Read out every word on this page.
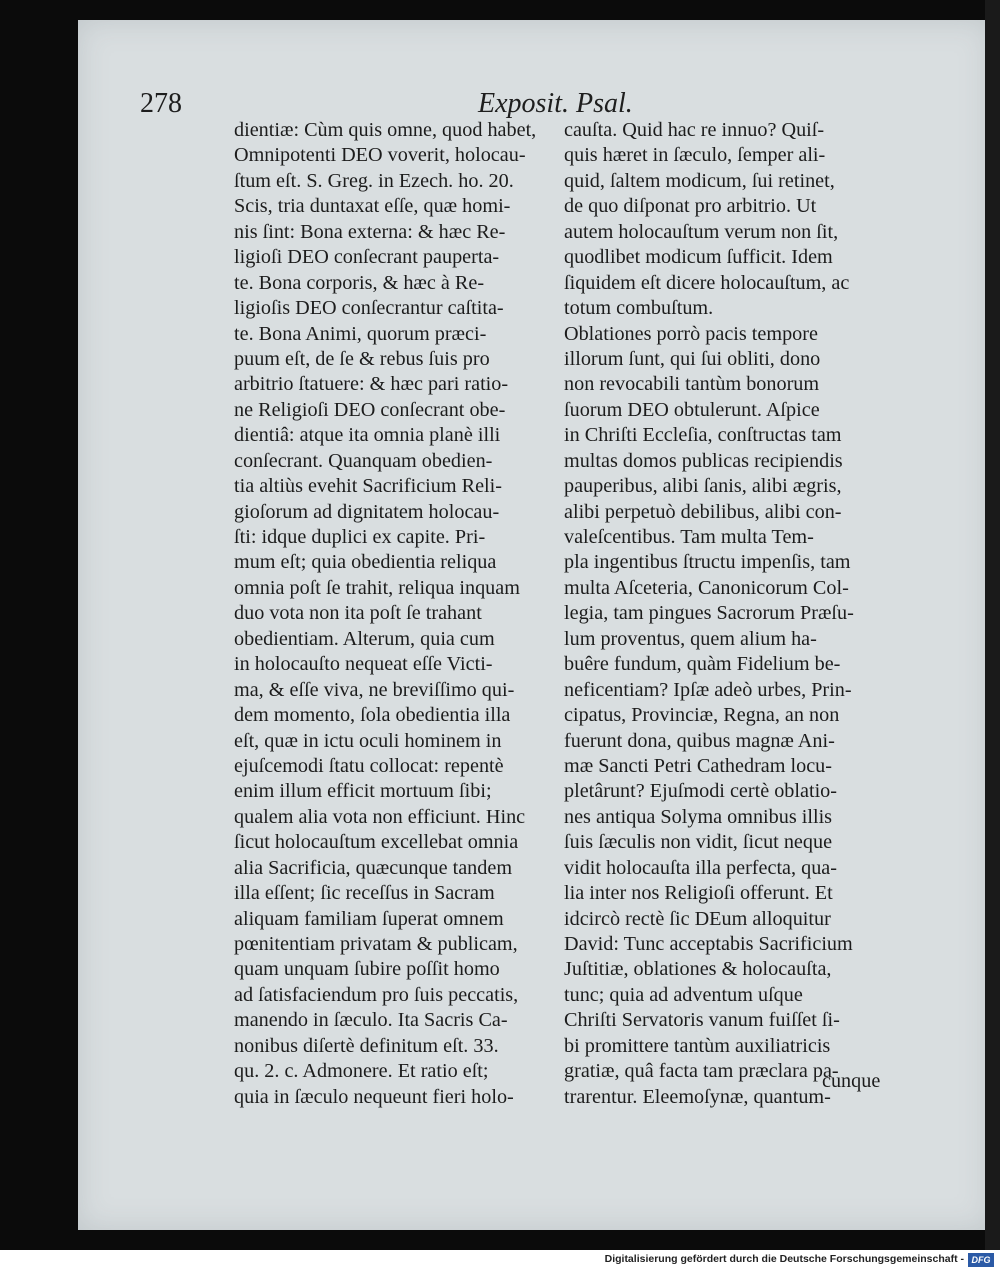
278	Exposit. Psal.
dientiæ: Cùm quis omne, quod habet,
Omnipotenti DEO voverit, holocau-
ſtum eſt. S. Greg. in Ezech. ho. 20.
Scis, tria duntaxat eſſe, quæ homi-
nis ſint: Bona externa: & hæc Re-
ligioſi DEO conſecrant pauperta-
te. Bona corporis, & hæc à Re-
ligioſis DEO conſecrantur caſtita-
te. Bona Animi, quorum præci-
puum eſt, de ſe & rebus ſuis pro
arbitrio ſtatuere: & hæc pari ratio-
ne Religioſi DEO conſecrant obe-
dientiâ: atque ita omnia planè illi
conſecrant. Quanquam obedien-
tia altiùs evehit Sacrificium Reli-
gioſorum ad dignitatem holocau-
ſti: idque duplici ex capite. Pri-
mum eſt; quia obedientia reliqua
omnia poſt ſe trahit, reliqua inquam
duo vota non ita poſt ſe trahant
obedientiam. Alterum, quia cum
in holocauſto nequeat eſſe Victi-
ma, & eſſe viva, ne breviſſimo qui-
dem momento, ſola obedientia illa
eſt, quæ in ictu oculi hominem in
ejuſcemodi ſtatu collocat: repentè
enim illum efficit mortuum ſibi;
qualem alia vota non efficiunt. Hinc
ſicut holocauſtum excellebat omnia
alia Sacrificia, quæcunque tandem
illa eſſent; ſic receſſus in Sacram
aliquam familiam ſuperat omnem
pœnitentiam privatam & publicam,
quam unquam ſubire poſſit homo
ad ſatisfaciendum pro ſuis peccatis,
manendo in ſæculo. Ita Sacris Ca-
nonibus diſertè definitum eſt. 33.
qu. 2. c. Admonere. Et ratio eſt;
quia in ſæculo nequeunt fieri holo-
cauſta. Quid hac re innuo? Quiſ-
quis hæret in ſæculo, ſemper ali-
quid, ſaltem modicum, ſui retinet,
de quo diſponat pro arbitrio. Ut
autem holocauſtum verum non ſit,
quodlibet modicum ſufficit. Idem
ſiquidem eſt dicere holocauſtum, ac
totum combuſtum.
Oblationes porrò pacis tempore
illorum ſunt, qui ſui obliti, dono
non revocabili tantùm bonorum
ſuorum DEO obtulerunt. Aſpice
in Chriſti Eccleſia, conſtructas tam
multas domos publicas recipiendis
pauperibus, alibi ſanis, alibi ægris,
alibi perpetuò debilibus, alibi con-
valeſcentibus. Tam multa Tem-
pla ingentibus ſtructu impenſis, tam
multa Aſceteria, Canonicorum Col-
legia, tam pingues Sacrorum Præſu-
lum proventus, quem alium ha-
buêre fundum, quàm Fidelium be-
neficentiam? Ipſæ adeò urbes, Prin-
cipatus, Provinciæ, Regna, an non
fuerunt dona, quibus magnæ Ani-
mæ Sancti Petri Cathedram locu-
pletârunt? Ejuſmodi certè oblatio-
nes antiqua Solyma omnibus illis
ſuis ſæculis non vidit, ſicut neque
vidit holocauſta illa perfecta, qua-
lia inter nos Religioſi offerunt. Et
idcircò rectè ſic DEum alloquitur
David: Tunc acceptabis Sacrificium
Juſtitiæ, oblationes & holocauſta,
tunc; quia ad adventum uſque
Chriſti Servatoris vanum fuiſſet ſi-
bi promittere tantùm auxiliatricis
gratiæ, quâ facta tam præclara pa-
trarentur. Eleemoſynæ, quantum-
cunque
Digitalisierung gefördert durch die Deutsche Forschungsgemeinschaft - DFG
